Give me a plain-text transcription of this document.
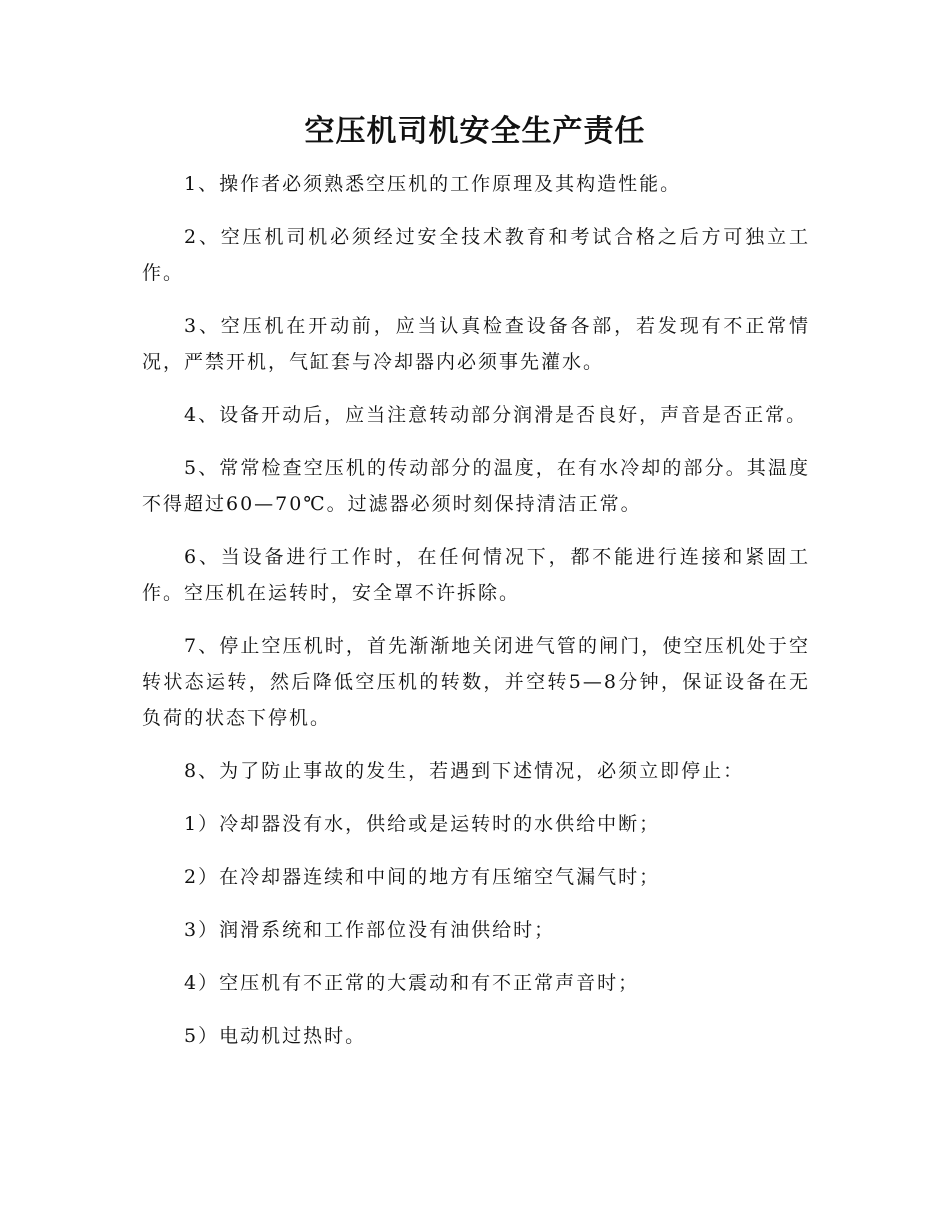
空压机司机安全生产责任

1、操作者必须熟悉空压机的工作原理及其构造性能。

2、空压机司机必须经过安全技术教育和考试合格之后方可独立工作。

3、空压机在开动前，应当认真检查设备各部，若发现有不正常情况，严禁开机，气缸套与冷却器内必须事先灌水。

4、设备开动后，应当注意转动部分润滑是否良好，声音是否正常。

5、常常检查空压机的传动部分的温度，在有水冷却的部分。其温度不得超过60—70℃。过滤器必须时刻保持清洁正常。

6、当设备进行工作时，在任何情况下，都不能进行连接和紧固工作。空压机在运转时，安全罩不许拆除。

7、停止空压机时，首先渐渐地关闭进气管的闸门，使空压机处于空转状态运转，然后降低空压机的转数，并空转5—8分钟，保证设备在无负荷的状态下停机。

8、为了防止事故的发生，若遇到下述情况，必须立即停止：

1）冷却器没有水，供给或是运转时的水供给中断；

2）在冷却器连续和中间的地方有压缩空气漏气时；

3）润滑系统和工作部位没有油供给时；

4）空压机有不正常的大震动和有不正常声音时；

5）电动机过热时。
